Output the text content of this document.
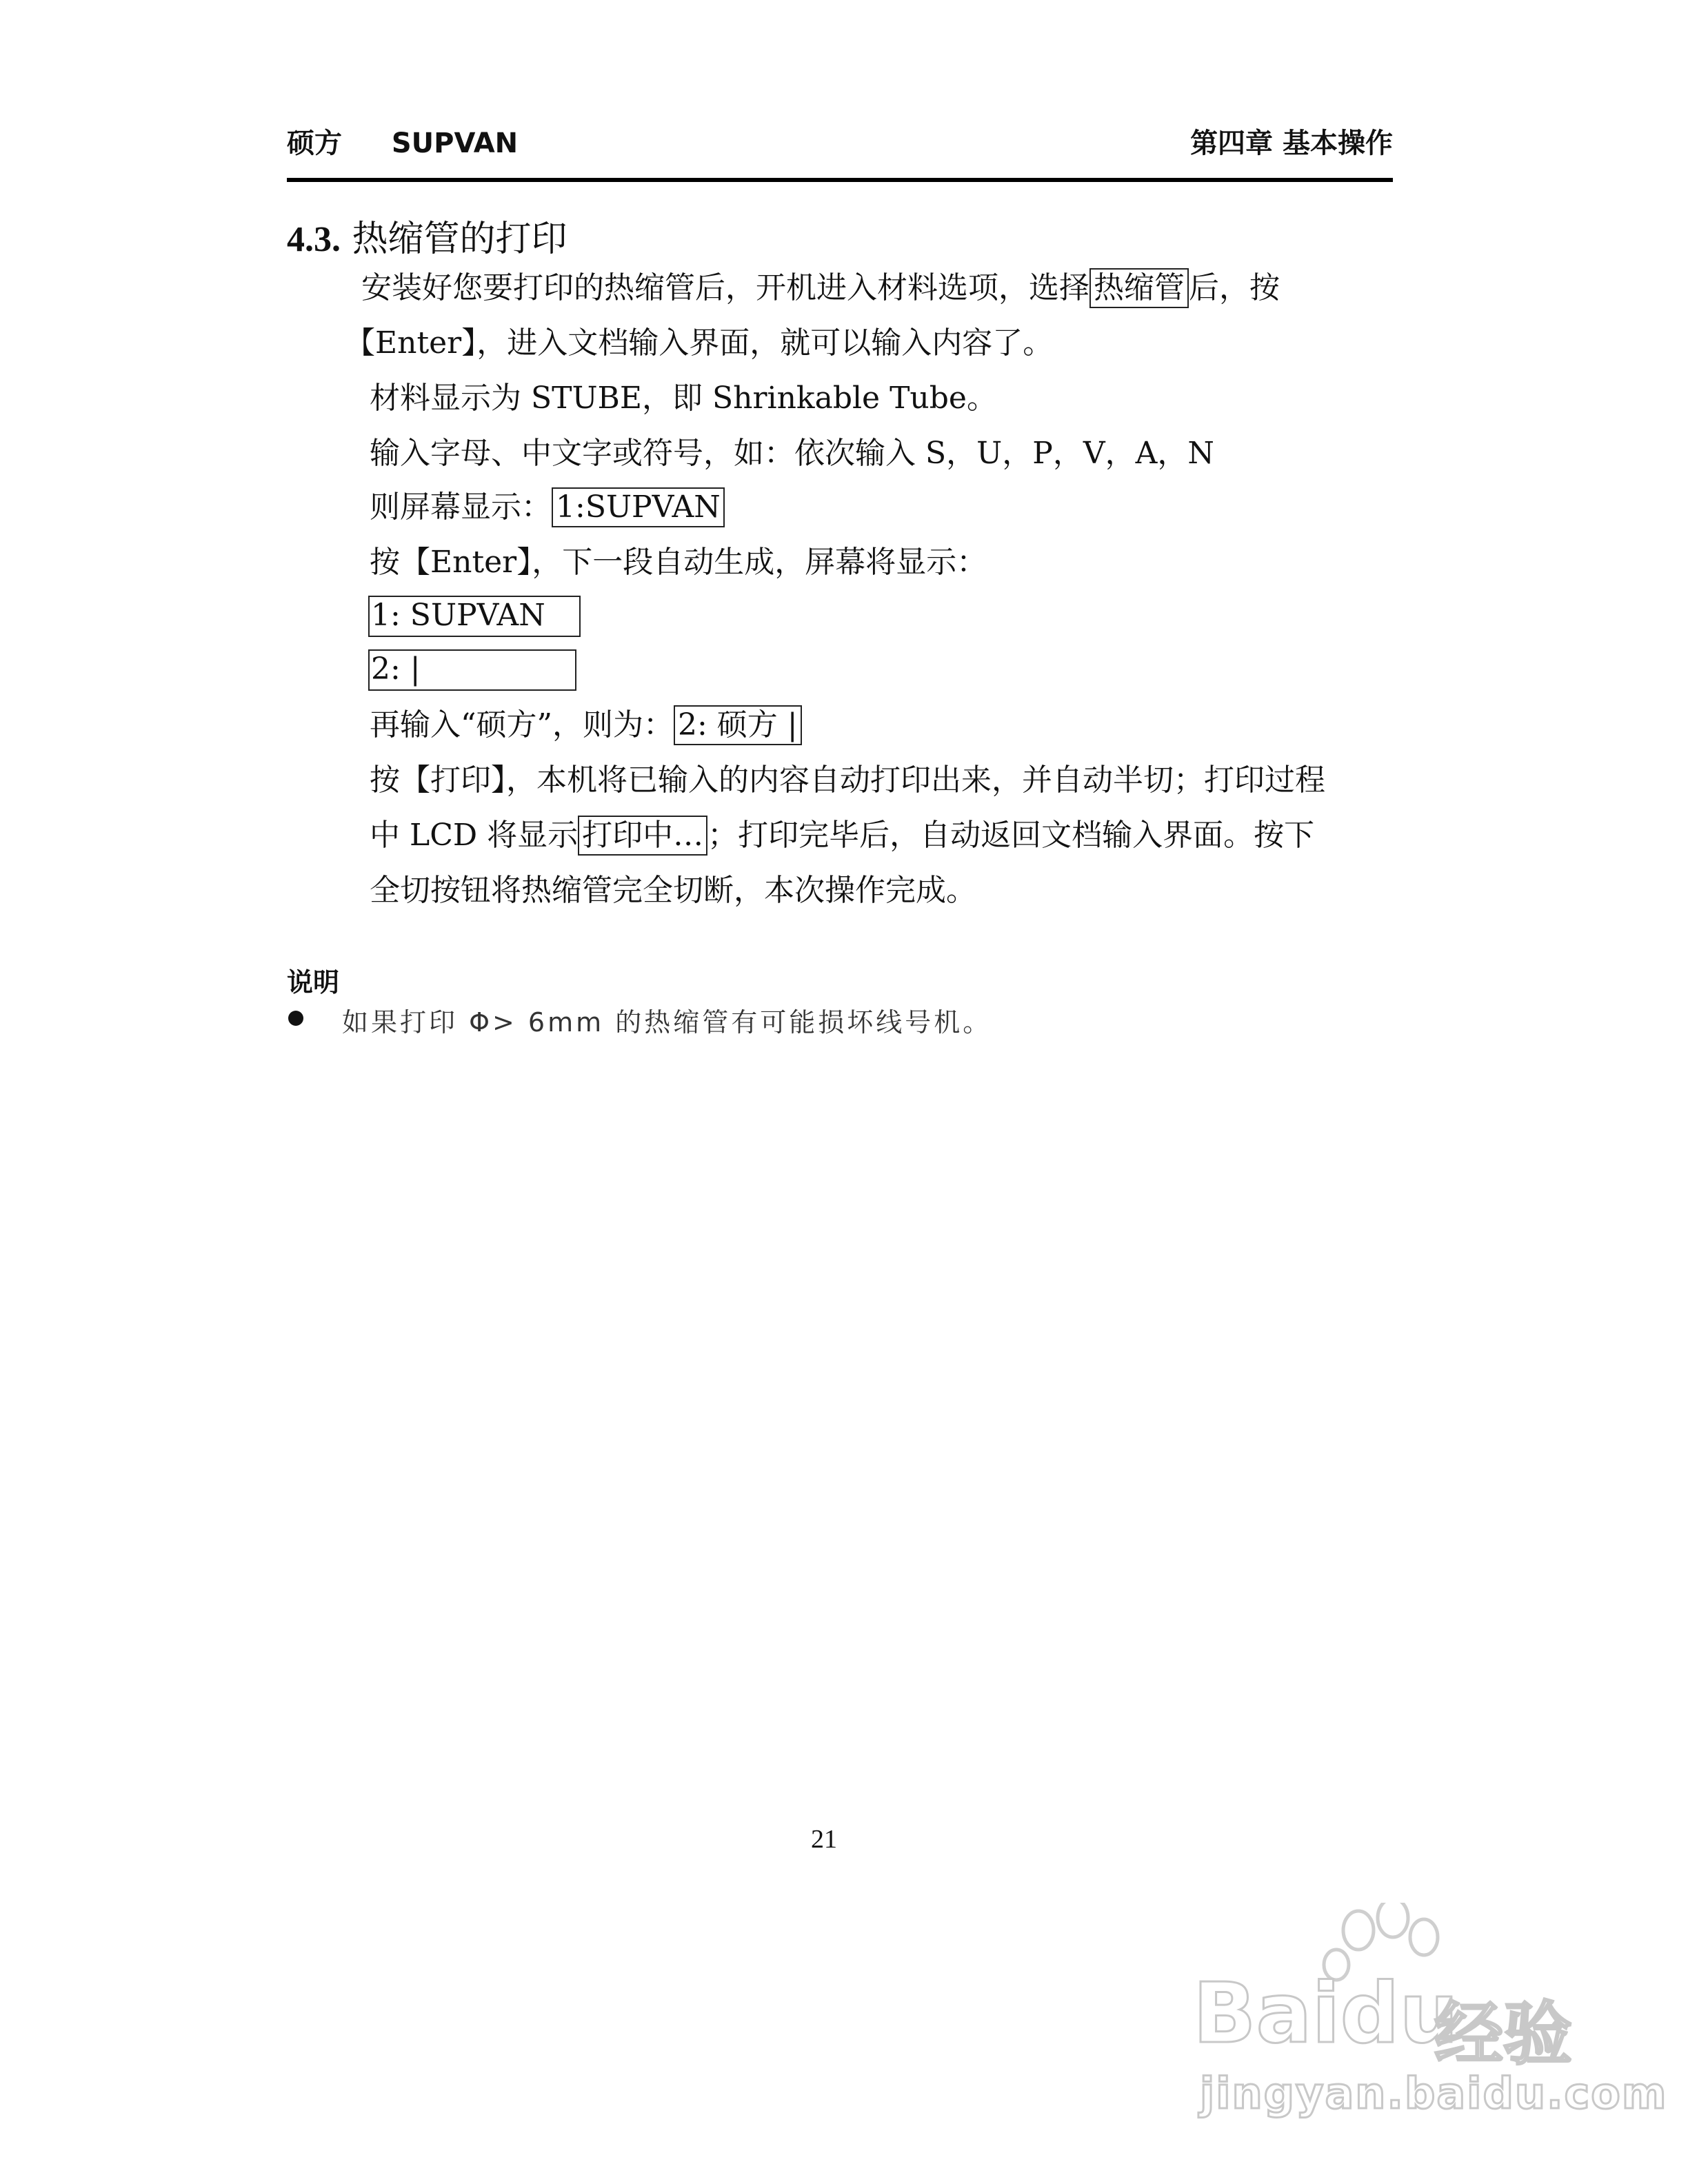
硕方 SUPVAN	第四章 基本操作
4.3. 热缩管的打印
安装好您要打印的热缩管后，开机进入材料选项，选择 热缩管 后，按
【Enter】，进入文档输入界面，就可以输入内容了。
材料显示为 STUBE，即 Shrinkable Tube。
输入字母、中文字或符号，如：依次输入 S，U，P，V，A，N
则屏幕显示： 1:SUPVAN
按【Enter】，下一段自动生成，屏幕将显示：
1: SUPVAN
2: |
再输入“硕方”，则为： 2: 硕方 |
按【打印】，本机将已输入的内容自动打印出来，并自动半切；打印过程
中 LCD 将显示 打印中… ；打印完毕后，自动返回文档输入界面。按下
全切按钮将热缩管完全切断，本次操作完成。
说明
如果打印 Φ> 6mm 的热缩管有可能损坏线号机。
21
Baidu
经验
jingyan.baidu.com
